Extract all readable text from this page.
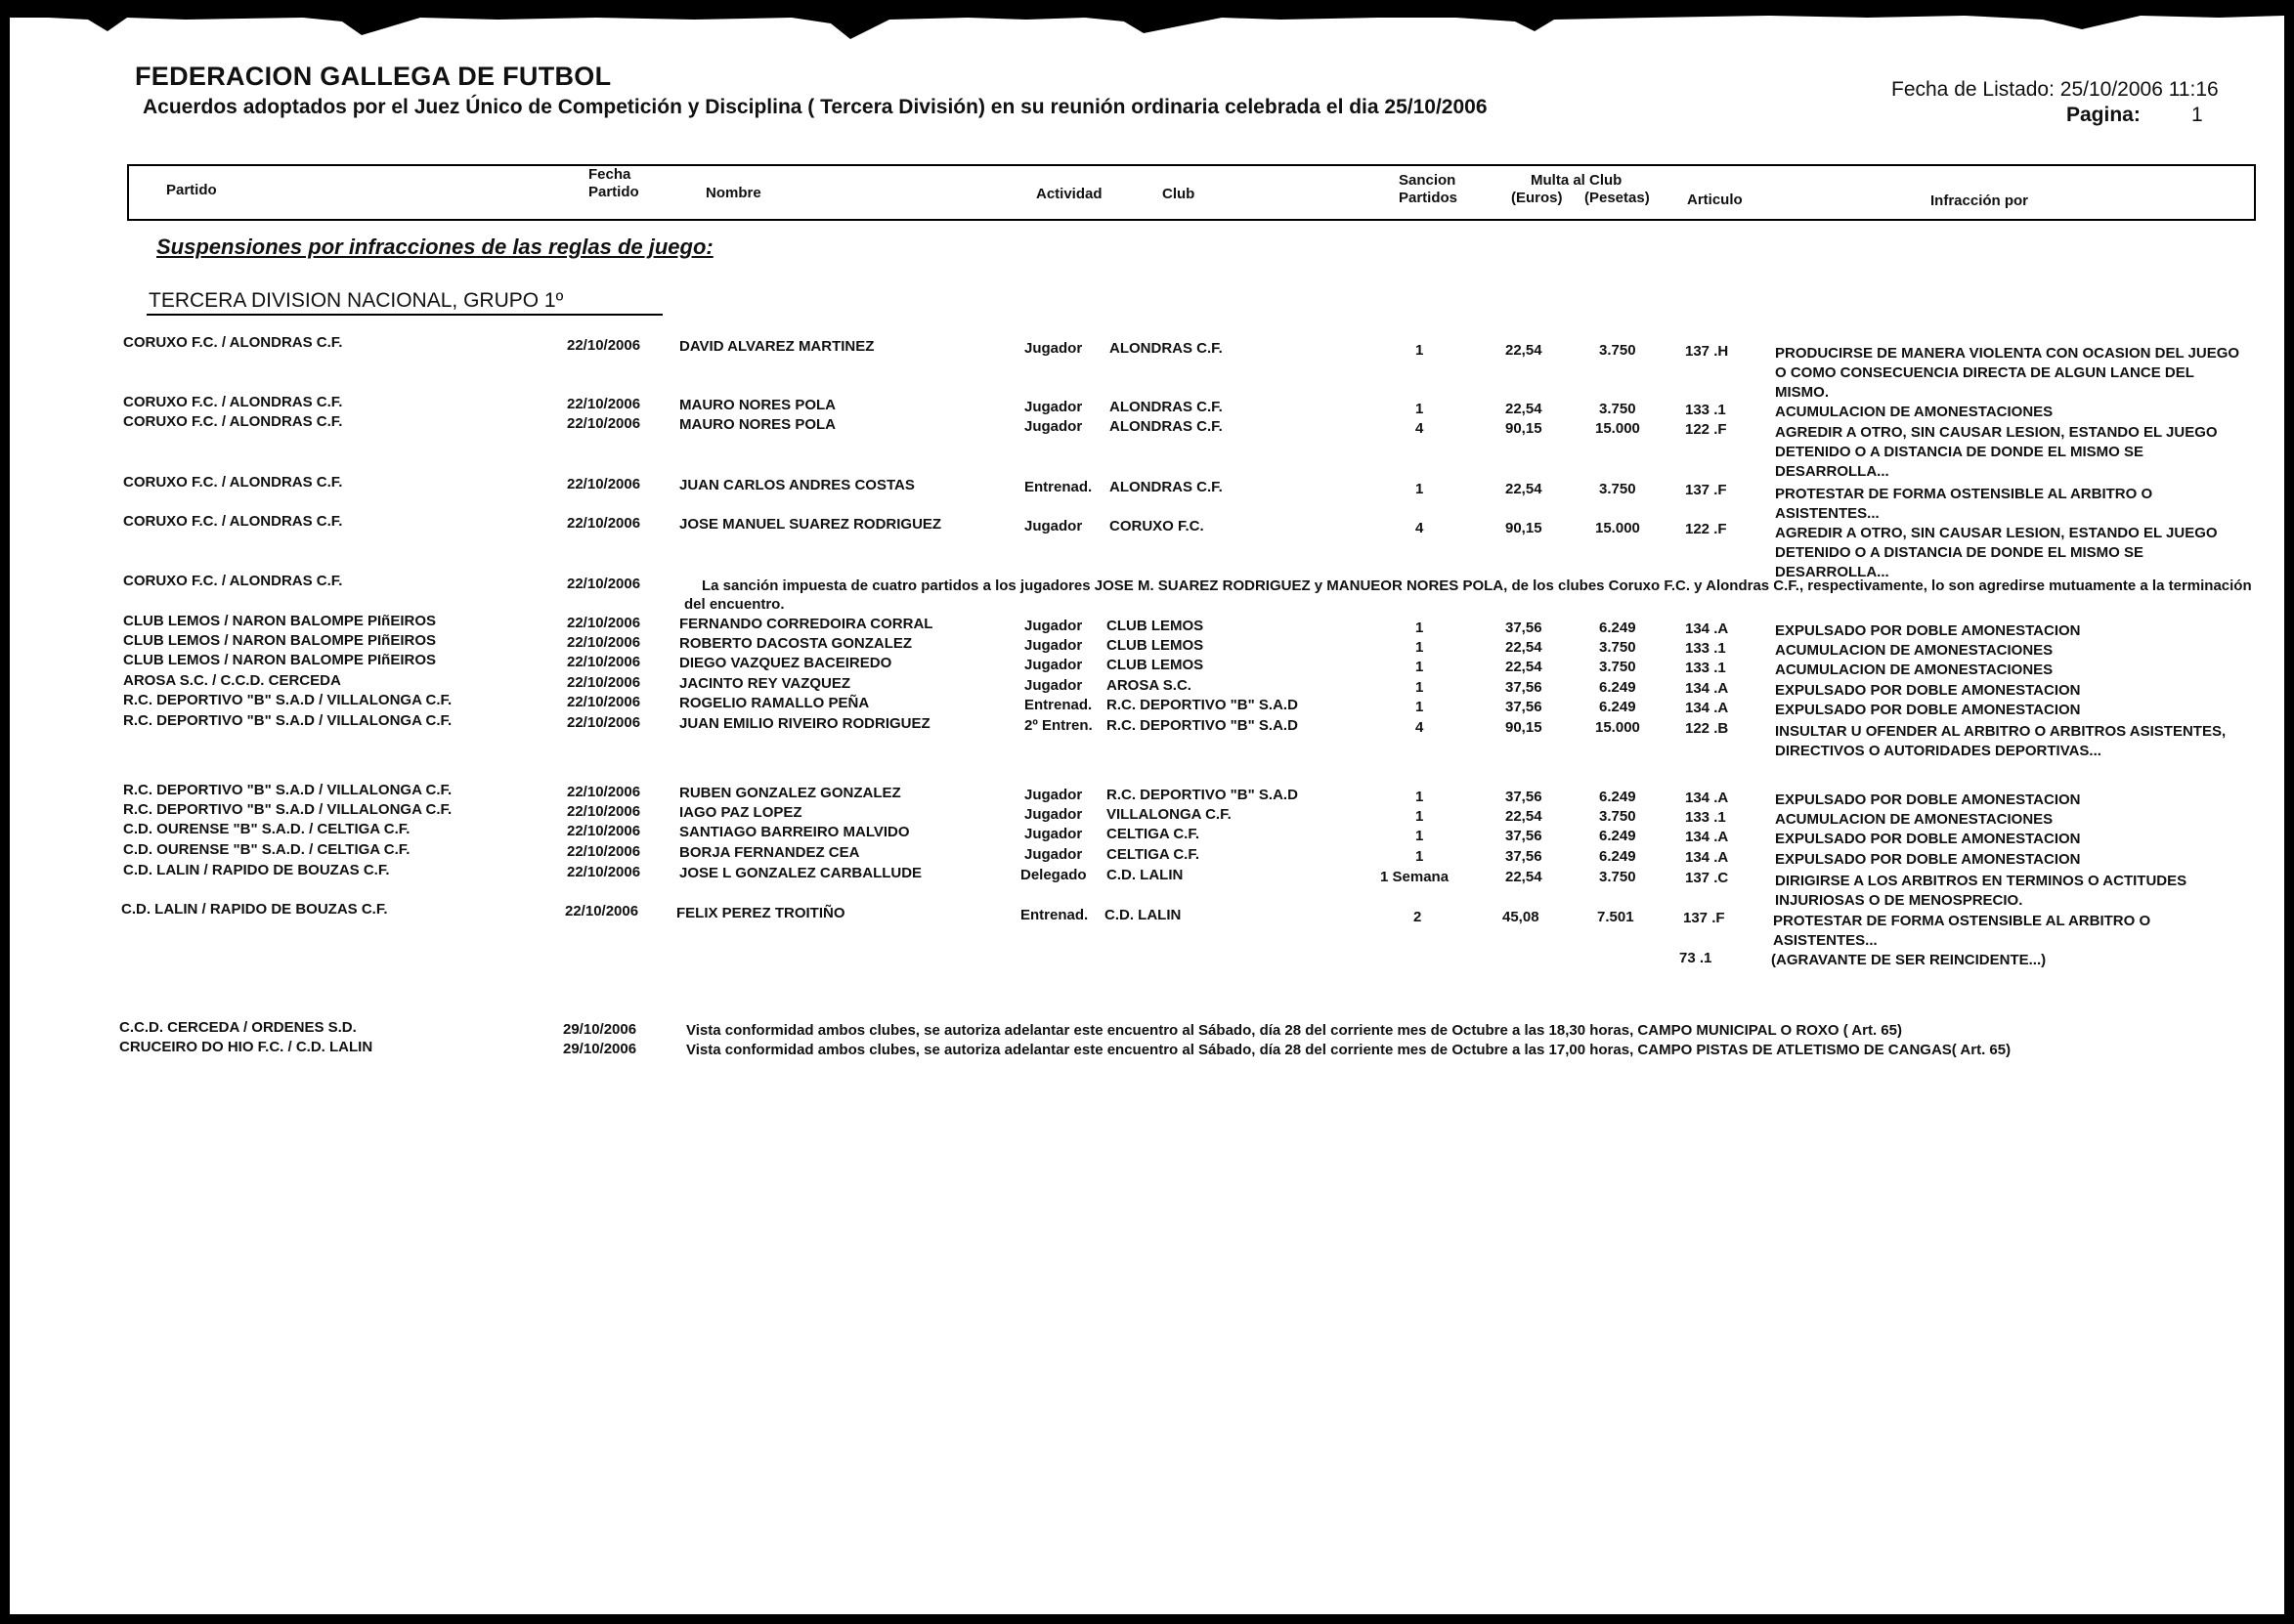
FEDERACION GALLEGA DE FUTBOL
Acuerdos adoptados por el Juez Único de Competición y Disciplina ( Tercera División) en su reunión ordinaria celebrada el dia 25/10/2006
Fecha de Listado: 25/10/2006 11:16
Pagina: 1
Partido
Fecha
Partido	Nombre	Actividad	Club
Sancion
Partidos
Multa al Club
(Euros) (Pesetas)	Articulo	Infracción por
Suspensiones por infracciones de las reglas de juego:
TERCERA DIVISION NACIONAL, GRUPO 1º
CORUXO F.C. / ALONDRAS C.F.	22/10/2006	DAVID ALVAREZ MARTINEZ	Jugador ALONDRAS C.F.	1	22,54	3.750	137 .H	PRODUCIRSE DE MANERA VIOLENTA CON OCASION DEL JUEGO O COMO CONSECUENCIA DIRECTA DE ALGUN LANCE DEL MISMO.
CORUXO F.C. / ALONDRAS C.F.	22/10/2006	MAURO NORES POLA	Jugador ALONDRAS C.F.	1	22,54	3.750	133 .1	ACUMULACION DE AMONESTACIONES
CORUXO F.C. / ALONDRAS C.F.	22/10/2006	MAURO NORES POLA	Jugador ALONDRAS C.F.	4	90,15	15.000	122 .F	AGREDIR A OTRO, SIN CAUSAR LESION, ESTANDO EL JUEGO DETENIDO O A DISTANCIA DE DONDE EL MISMO SE DESARROLLA...
CORUXO F.C. / ALONDRAS C.F.	22/10/2006	JUAN CARLOS ANDRES COSTAS	Entrenad. ALONDRAS C.F.	1	22,54	3.750	137 .F	PROTESTAR DE FORMA OSTENSIBLE AL ARBITRO O ASISTENTES...
CORUXO F.C. / ALONDRAS C.F.	22/10/2006	JOSE MANUEL SUAREZ RODRIGUEZ	Jugador CORUXO F.C.	4	90,15	15.000	122 .F	AGREDIR A OTRO, SIN CAUSAR LESION, ESTANDO EL JUEGO DETENIDO O A DISTANCIA DE DONDE EL MISMO SE DESARROLLA...
CORUXO F.C. / ALONDRAS C.F.	22/10/2006	La sanción impuesta de cuatro partidos a los jugadores JOSE M. SUAREZ RODRIGUEZ y MANUEOR NORES POLA, de los clubes Coruxo F.C. y Alondras C.F., respectivamente, lo son agredirse mutuamente a la terminación del encuentro.
CLUB LEMOS / NARON BALOMPE PIñEIROS	22/10/2006	FERNANDO CORREDOIRA CORRAL	Jugador CLUB LEMOS	1	37,56	6.249	134 .A	EXPULSADO POR DOBLE AMONESTACION
CLUB LEMOS / NARON BALOMPE PIñEIROS	22/10/2006	ROBERTO DACOSTA GONZALEZ	Jugador CLUB LEMOS	1	22,54	3.750	133 .1	ACUMULACION DE AMONESTACIONES
CLUB LEMOS / NARON BALOMPE PIñEIROS	22/10/2006	DIEGO VAZQUEZ BACEIREDO	Jugador CLUB LEMOS	1	22,54	3.750	133 .1	ACUMULACION DE AMONESTACIONES
AROSA S.C. / C.C.D. CERCEDA	22/10/2006	JACINTO REY VAZQUEZ	Jugador AROSA S.C.	1	37,56	6.249	134 .A	EXPULSADO POR DOBLE AMONESTACION
R.C. DEPORTIVO "B" S.A.D / VILLALONGA C.F.	22/10/2006	ROGELIO RAMALLO PEÑA	Entrenad. R.C. DEPORTIVO "B" S.A.D	1	37,56	6.249	134 .A	EXPULSADO POR DOBLE AMONESTACION
R.C. DEPORTIVO "B" S.A.D / VILLALONGA C.F.	22/10/2006	JUAN EMILIO RIVEIRO RODRIGUEZ	2º Entren. R.C. DEPORTIVO "B" S.A.D	4	90,15	15.000	122 .B	INSULTAR U OFENDER AL ARBITRO O ARBITROS ASISTENTES, DIRECTIVOS O AUTORIDADES DEPORTIVAS...
R.C. DEPORTIVO "B" S.A.D / VILLALONGA C.F.	22/10/2006	RUBEN GONZALEZ GONZALEZ	Jugador R.C. DEPORTIVO "B" S.A.D	1	37,56	6.249	134 .A	EXPULSADO POR DOBLE AMONESTACION
R.C. DEPORTIVO "B" S.A.D / VILLALONGA C.F.	22/10/2006	IAGO PAZ LOPEZ	Jugador VILLALONGA C.F.	1	22,54	3.750	133 .1	ACUMULACION DE AMONESTACIONES
C.D. OURENSE "B" S.A.D. / CELTIGA C.F.	22/10/2006	SANTIAGO BARREIRO MALVIDO	Jugador CELTIGA C.F.	1	37,56	6.249	134 .A	EXPULSADO POR DOBLE AMONESTACION
C.D. OURENSE "B" S.A.D. / CELTIGA C.F.	22/10/2006	BORJA FERNANDEZ CEA	Jugador CELTIGA C.F.	1	37,56	6.249	134 .A	EXPULSADO POR DOBLE AMONESTACION
C.D. LALIN / RAPIDO DE BOUZAS C.F.	22/10/2006	JOSE L GONZALEZ CARBALLUDE	Delegado C.D. LALIN	1 Semana	22,54	3.750	137 .C	DIRIGIRSE A LOS ARBITROS EN TERMINOS O ACTITUDES INJURIOSAS O DE MENOSPRECIO.
C.D. LALIN / RAPIDO DE BOUZAS C.F.	22/10/2006	FELIX PEREZ TROITIÑO	Entrenad. C.D. LALIN	2	45,08	7.501	137 .F	PROTESTAR DE FORMA OSTENSIBLE AL ARBITRO O ASISTENTES...
73 .1	(AGRAVANTE DE SER REINCIDENTE...)
C.C.D. CERCEDA / ORDENES S.D.	29/10/2006	Vista conformidad ambos clubes, se autoriza adelantar este encuentro al Sábado, día 28 del corriente mes de Octubre a las 18,30 horas, CAMPO MUNICIPAL O ROXO ( Art. 65)
CRUCEIRO DO HIO F.C. / C.D. LALIN	29/10/2006	Vista conformidad ambos clubes, se autoriza adelantar este encuentro al Sábado, día 28 del corriente mes de Octubre a las 17,00 horas, CAMPO PISTAS DE ATLETISMO DE CANGAS( Art. 65)
